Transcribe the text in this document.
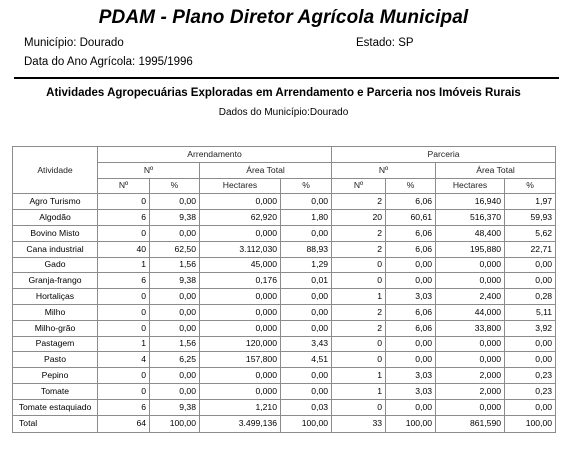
PDAM - Plano Diretor Agrícola Municipal
Município: Dourado	Estado: SP
Data do Ano Agrícola: 1995/1996
Atividades Agropecuárias Exploradas em Arrendamento e Parceria nos Imóveis Rurais
Dados do Município:Dourado
Atividade	Arrendamento				Parceria			
	Nº		Área Total		Nº		Área Total	
	Nº	%	Hectares	%	Nº	%	Hectares	%
Agro Turismo	0	0,00	0,000	0,00	2	6,06	16,940	1,97
Algodão	6	9,38	62,920	1,80	20	60,61	516,370	59,93
Bovino Misto	0	0,00	0,000	0,00	2	6,06	48,400	5,62
Cana industrial	40	62,50	3.112,030	88,93	2	6,06	195,880	22,71
Gado	1	1,56	45,000	1,29	0	0,00	0,000	0,00
Granja-frango	6	9,38	0,176	0,01	0	0,00	0,000	0,00
Hortaliças	0	0,00	0,000	0,00	1	3,03	2,400	0,28
Milho	0	0,00	0,000	0,00	2	6,06	44,000	5,11
Milho-grão	0	0,00	0,000	0,00	2	6,06	33,800	3,92
Pastagem	1	1,56	120,000	3,43	0	0,00	0,000	0,00
Pasto	4	6,25	157,800	4,51	0	0,00	0,000	0,00
Pepino	0	0,00	0,000	0,00	1	3,03	2,000	0,23
Tomate	0	0,00	0,000	0,00	1	3,03	2,000	0,23
Tomate estaquiado	6	9,38	1,210	0,03	0	0,00	0,000	0,00
Total	64	100,00	3.499,136	100,00	33	100,00	861,590	100,00
